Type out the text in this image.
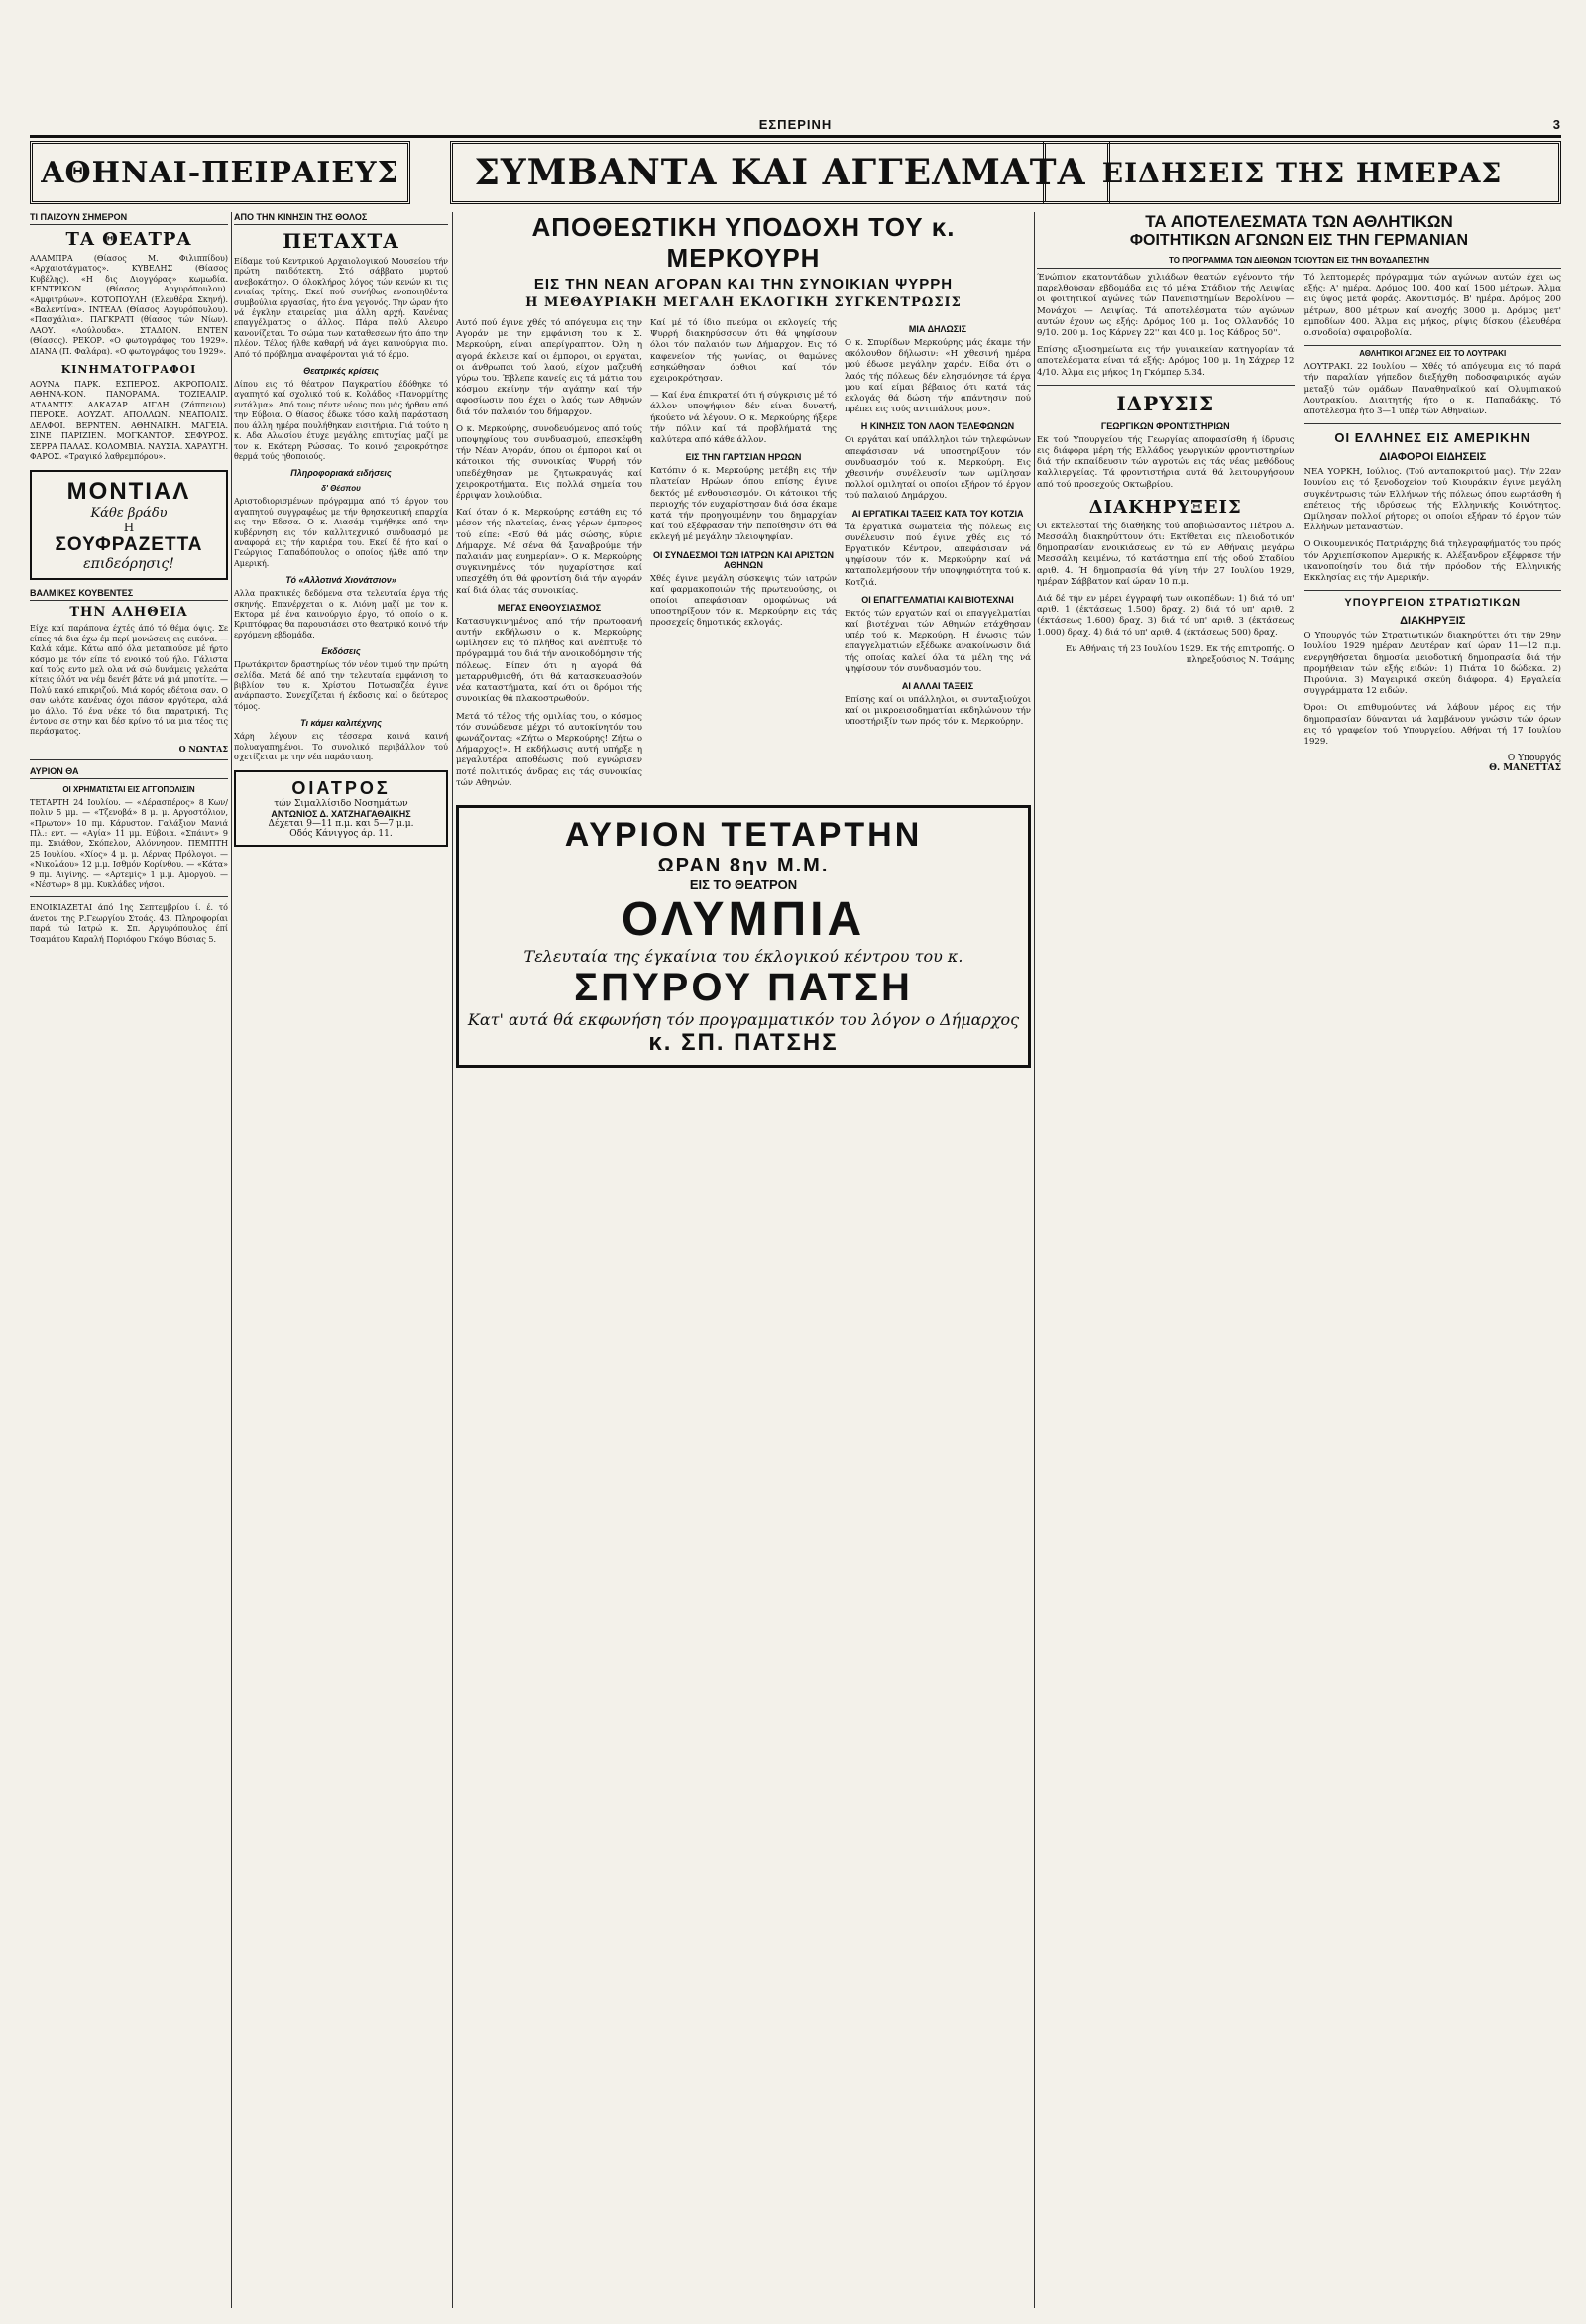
ΕΣΠΕΡΙΝΗ	3
ΑΘΗΝΑΙ-ΠΕΙΡΑΙΕΥΣ	ΣΥΜΒΑΝΤΑ ΚΑΙ ΑΓΓΕΛΜΑΤΑ ΕΙΔΗΣΕΙΣ ΤΗΣ ΗΜΕΡΑΣ
ΤΙ ΠΑΙΖΟΥΝ ΣΗΜΕΡΟΝ
ΤΑ ΘΕΑΤΡΑ

ΑΛΑΜΠΡΑ (Θίασος Μ. Φιλιππίδου) «Αρχαιοτάγματος». ΚΥΒΕΛΗΣ (Θίασος Κυβέλης). «Η δις Διογγόρας» κωμωδία. ΚΕΝΤΡΙΚΟΝ (Θίασος Αργυρόπουλου). «Αμφιτρύων». ΚΟΤΟΠΟΥΛΗ (Ελευθέρα Σκηνή). «Βαλεντίνα». ΙΝΤΕΑΛ (Θίασος Αργυρόπουλου). «Πασχάλια». ΠΑΓΚΡΑΤΙ (θίασος τών Νίων). ΛΑΟΥ. «Λούλουδα». ΣΤΑΔΙΟΝ. ΕΝΤΕΝ (Θίασος). ΡΕΚΟΡ. «Ο φωτογράφος του 1929». ΔΙΑΝΑ (Π. Φαλάρα). «Ο φωτογράφος του 1929».

ΚΙΝΗΜΑΤΟΓΡΑΦΟΙ

ΑΟΥΝΑ ΠΑΡΚ. ΕΣΠΕΡΟΣ. ΑΚΡΟΠΟΛΙΣ. ΑΘΗΝΑ-ΚΟΝ. ΠΑΝΟΡΑΜΑ. ΤΟΖΙΕΑΛΙΡ. ΑΤΛΑΝΤΙΣ. ΑΛΚΑΖΑΡ. ΑΙΓΛΗ (Ζάππειον). ΠΕΡΟΚΕ. ΑΟΥΖΑΤ. ΑΠΟΛΛΩΝ. ΝΕΑΠΟΛΙΣ. ΔΕΛΦΟΙ. ΒΕΡΝΤΕΝ. ΑΘΗΝΑΙΚΗ. ΜΑΓΕΙΑ. ΣΙΝΕ ΠΑΡΙΖΙΕΝ. ΜΟΓΚΑΝΤΟΡ. ΣΕΦΥΡΟΣ. ΣΕΡΡΑ ΠΑΛΑΣ. ΚΟΛΟΜΒΙΑ. ΝΑΥΣΙΑ. ΧΑΡΑΥΓΗ. ΦΑΡΟΣ. «Τραγικό λαθρεμπόρου».

ΜΟΝΤΙΑΛ
Κάθε βράδυ
Η
ΣΟΥΦΡΑΖΕΤΤΑ
επιδεόρησις!
ΒΑΛΜΙΚΕΣ ΚΟΥΒΕΝΤΕΣ
ΤΗΝ ΑΛΗΘΕΙΑ

Είχε καί παράπονα έχτές άπό τό θέμα όψις. Σε είπες τά δια έχω έμ περί μονώσεις εις εικόνα. — Καλά κάμε. Κάτω από όλα μεταπιούσε μέ ήρτο κόσμο με τόν είπε τό ενοικό τού ήλο. Γάλιστα καί τούς εντο μελ ολα νά σώ δυνάμεις γελεάτα κίτεις όλότ να νέμ δενέτ βάτε νά μιά μποτίτε. — Πολύ κακό επικριζού. Μιά κορός εδέτοια σαν. Ο σαν ωλότε κανένας όχοι πάσον αργότερα, αλά μο άλλο. Τό ένα νέκε τό δια παρατρική. Τις έντονο σε στην και δέσ κρίνο τό να μια τέος τις περάσματος.

Ο ΝΩΝΤΑΣ
ΑΥΡΙΟΝ ΘΑ
ΟΙ ΧΡΗΜΑΤΙΣΤΑΙ ΕΙΣ ΑΓΓΟΠΟΛΙΣΙΝ

ΤΕΤΑΡΤΗ 24 Ιουλίου. — «Δέρασπέρος» 8 Κων/πολιν 5 μμ. — «Τζενοβά» 8 μ. μ. Αργοστόλιον, «Πρωτον» 10 πμ. Κάρυστον. Γαλάξιον Μανιά Πλ.: εντ. — «Αγία» 11 μμ. Εύβοια. «Σπάιντ» 9 πμ. Σκιάθον, Σκόπελον, Αλόννησον. ΠΕΜΠΤΗ 25 Ιουλίου. «Χίος» 4 μ. μ. Λέρνας Πρόλογοι. — «Νικολάου» 12 μ.μ. Ισθμόν Κορίνθου. — «Κάτα» 9 πμ. Αιγίνης. — «Αρτεμίς» 1 μ.μ. Αμοργού. — «Νέστωρ» 8 μμ. Κυκλάδες νήσοι.

ΕΝΟΙΚΙΑΖΕΤΑΙ άπό 1ης Σεπτεμβρίου ί. έ. τό άνετον της Ρ.Γεωργίου Στοάς. 43. Πληροφορίαι παρά τώ Ιατρώ κ. Σπ. Αργυρόπουλος έπί Τσαμάτου Καραλή Ποριόφου Γκόψο Βύσιας 5.

ΑΠΟ ΤΗΝ ΚΙΝΗΣΙΝ ΤΗΣ ΘΟΛΟΣ
ΠΕΤΑΧΤΑ

Είδαμε τού Κεντρικού Αρχαιολογικού Μουσείου τήν πρώτη παιδότεκτη. Στό σάββατο μυρτού ανεβοκάτηον. Ο όλοκλήρος λόγος τών κενών κι τις ενιαίας τρίτης. Εκεί πού συνήθως ενοποιηθέντα συμβούλια εργασίας, ήτο ένα γεγονός. Την ώραν ήτο νά έγκλην εταιρείας μια άλλη αρχή. Κανένας επαγγέλματος ο άλλος. Πάρα πολύ Αλευρο κανονίζεται. Το σώμα των καταθεσεων ήτο άπο την πλέον. Τέλος ήλθε καθαρή νά άγει καινούργια πιο. Από τό πρόβλημα αναφέρονται γιά τό έρμο.

Θεατρικές κρίσεις

Δίπου εις τό θέατρον Παγκρατίου έδόθηκε τό αγαπητό καί σχολικό τού κ. Κολάδος «Πανορμίτης εντάλμα». Από τους πέντε νέους που μάς ήρθαν από την Εύβοια. Ο θίασος έδωκε τόσο καλή παράσταση που άλλη ημέρα πουλήθηκαν εισιτήρια. Γιά τούτο η κ. Αδα Αλωσίου έτυχε μεγάλης επιτυχίας μαζί με τον κ. Εκάτερη Ρώσσας. Το κοινό χειροκρότησε θερμά τούς ηθοποιούς.

Πληροφοριακά ειδήσεις
δ' Θέσπου

Αριστοδιορισμένων πρόγραμμα από τό έργον του αγαπητού συγγραφέως με τήν θρησκευτική επαρχία εις την Εδσσα. Ο κ. Λιασάμ τιμήθηκε από την κυβέρνηση εις τόν καλλιτεχνικό συνδυασμό με αναφορά εις τήν καριέρα του. Εκεί δέ ήτο καί ο Γεώργιος Παπαδόπουλος ο οποίος ήλθε από την Αμερική.

Τό «Αλλοτινά Χιονάτσιον»

Αλλα πρακτικές δεδόμενα στα τελευταία έργα τής σκηνής. Επανέρχεται ο κ. Λιόνη μαζί με τον κ. Εκτορα μέ ένα καινούργιο έργο, τό οποίο ο κ. Κριπτόφρας θα παρουσιάσει στο θεατρικό κοινό τήν ερχόμενη εβδομάδα.

Εκδόσεις

Πρωτάκριτον δραστηρίως τόν νέον τιμού την πρώτη σελίδα. Μετά δέ από την τελευταία εμφάνιση το βιβλίον του κ. Χρίστου Ποτωσαζέα έγινε ανάρπαστο. Συνεχίζεται ή έκδοσις καί ο δεύτερος τόμος.

Τι κάμει καλιτέχνης

Χάρη λέγουν εις τέσσερα καινά καινή πολυαγαπημένοι. Το συνολικό περιβάλλον τού σχετίζεται με την νέα παράσταση.

ΟΙΑΤΡΟΣ
τών Σιμαλλίσιδο Νοσημάτων
ΑΝΤΩΝΙΟΣ Δ. ΧΑΤΖΗΑΓΑΘΑΙΚΗΣ
Δέχεται 9—11 π.μ. και 5—7 μ.μ.
Οδός Κάνιγγος άρ. 11.
ΑΠΟΘΕΩΤΙΚΗ ΥΠΟΔΟΧΗ ΤΟΥ κ. ΜΕΡΚΟΥΡΗ
ΕΙΣ ΤΗΝ ΝΕΑΝ ΑΓΟΡΑΝ ΚΑΙ ΤΗΝ ΣΥΝΟΙΚΙΑΝ ΨΥΡΡΗ
Η ΜΕΘΑΥΡΙΑΚΗ ΜΕΓΑΛΗ ΕΚΛΟΓΙΚΗ ΣΥΓΚΕΝΤΡΩΣΙΣ

Αυτό πού έγινε χθές τό απόγευμα εις την Αγοράν με την εμφάνιση του κ. Σ. Μερκούρη, είναι απερίγραπτον. Όλη η αγορά έκλεισε καί οι έμποροι, οι εργάται, οι άνθρωποι τού λαού, είχον μαζευθή γύρω του. Έβλεπε κανείς εις τά μάτια του κόσμου εκείνην τήν αγάπην καί τήν αφοσίωσιν που έχει ο λαός των Αθηνών διά τόν παλαιόν του δήμαρχον.

Ο κ. Μερκούρης, συνοδευόμενος από τούς υποψηφίους του συνδυασμού, επεσκέφθη τήν Νέαν Αγοράν, όπου οι έμποροι καί οι κάτοικοι τής συνοικίας Ψυρρή τόν υπεδέχθησαν με ζητωκραυγάς καί χειροκροτήματα. Εις πολλά σημεία του έρριψαν λουλούδια.

Καί όταν ό κ. Μερκούρης εστάθη εις τό μέσον τής πλατείας, ένας γέρων έμπορος τού είπε: «Εσύ θά μάς σώσης, κύριε Δήμαρχε. Μέ σένα θά ξαναβρούμε τήν παλαιάν μας ευημερίαν». Ο κ. Μερκούρης συγκινημένος τόν ηυχαρίστησε καί υπεσχέθη ότι θά φροντίση διά τήν αγοράν καί διά όλας τάς συνοικίας.

ΜΕΓΑΣ ΕΝΘΟΥΣΙΑΣΜΟΣ

Κατασυγκινημένος από τήν πρωτοφανή αυτήν εκδήλωσιν ο κ. Μερκούρης ωμίλησεν εις τό πλήθος καί ανέπτυξε τό πρόγραμμά του διά τήν ανοικοδόμησιν τής πόλεως. Είπεν ότι η αγορά θά μεταρρυθμισθή, ότι θά κατασκευασθούν νέα καταστήματα, καί ότι οι δρόμοι τής συνοικίας θά πλακοστρωθούν.

Μετά τό τέλος τής ομιλίας του, ο κόσμος τόν συνώδευσε μέχρι τό αυτοκίνητόν του φωνάζοντας: «Ζήτω ο Μερκούρης! Ζήτω ο Δήμαρχος!». Η εκδήλωσις αυτή υπήρξε η μεγαλυτέρα αποθέωσις πού εγνώρισεν ποτέ πολιτικός άνδρας εις τάς συνοικίας τών Αθηνών.

Καί μέ τό ίδιο πνεύμα οι εκλογείς τής Ψυρρή διακηρύσσουν ότι θά ψηφίσουν όλοι τόν παλαιόν των Δήμαρχον. Εις τό καφενείον τής γωνίας, οι θαμώνες εσηκώθησαν όρθιοι καί τόν εχειροκρότησαν.

— Καί ένα έπικρατεί ότι ή σύγκρισις μέ τό άλλον υποψήφιον δέν είναι δυνατή, ήκούετο νά λέγουν. Ο κ. Μερκούρης ήξερε τήν πόλιν καί τά προβλήματά της καλύτερα από κάθε άλλον.

ΕΙΣ ΤΗΝ ΓΑΡΤΣΙΑΝ ΗΡΩΩΝ

Κατόπιν ό κ. Μερκούρης μετέβη εις τήν πλατείαν Ηρώων όπου επίσης έγινε δεκτός μέ ενθουσιασμόν. Οι κάτοικοι τής περιοχής τόν ευχαρίστησαν διά όσα έκαμε κατά τήν προηγουμένην του δημαρχίαν καί τού εξέφρασαν τήν πεποίθησιν ότι θά εκλεγή μέ μεγάλην πλειοψηφίαν.

ΟΙ ΣΥΝΔΕΣΜΟΙ ΤΩΝ ΙΑΤΡΩΝ ΚΑΙ ΑΡΙΣΤΩΝ ΑΘΗΝΩΝ

Χθές έγινε μεγάλη σύσκεψις τών ιατρών καί φαρμακοποιών τής πρωτευούσης, οι οποίοι απεφάσισαν ομοφώνως νά υποστηρίξουν τόν κ. Μερκούρην εις τάς προσεχείς δημοτικάς εκλογάς.

ΜΙΑ ΔΗΛΩΣΙΣ

Ο κ. Σπυρίδων Μερκούρης μάς έκαμε τήν ακόλουθον δήλωσιν: «Η χθεσινή ημέρα μού έδωσε μεγάλην χαράν. Είδα ότι ο λαός τής πόλεως δέν ελησμόνησε τά έργα μου καί είμαι βέβαιος ότι κατά τάς εκλογάς θά δώση τήν απάντησιν πού πρέπει εις τούς αντιπάλους μου».

Η ΚΙΝΗΣΙΣ ΤΟΝ ΛΑΟΝ ΤΕΛΕΦΩΝΩΝ

Οι εργάται καί υπάλληλοι τών τηλεφώνων απεφάσισαν νά υποστηρίξουν τόν συνδυασμόν τού κ. Μερκούρη. Εις χθεσινήν συνέλευσίν των ωμίλησαν πολλοί ομιληταί οι οποίοι εξήρον τό έργον τού παλαιού Δημάρχου.

ΑΙ ΕΡΓΑΤΙΚΑΙ ΤΑΞΕΙΣ ΚΑΤΑ ΤΟΥ ΚΟΤΖΙΑ

Τά έργατικά σωματεία τής πόλεως εις συνέλευσιν πού έγινε χθές εις τό Εργατικόν Κέντρον, απεφάσισαν νά ψηφίσουν τόν κ. Μερκούρην καί νά καταπολεμήσουν τήν υποψηφιότητα τού κ. Κοτζιά.

ΟΙ ΕΠΑΓΓΕΛΜΑΤΙΑΙ ΚΑΙ ΒΙΟΤΕΧΝΑΙ

Εκτός τών εργατών καί οι επαγγελματίαι καί βιοτέχναι τών Αθηνών ετάχθησαν υπέρ τού κ. Μερκούρη. Η ένωσις τών επαγγελματιών εξέδωκε ανακοίνωσιν διά τής οποίας καλεί όλα τά μέλη της νά ψηφίσουν τόν συνδυασμόν του.

ΑΙ ΑΛΛΑΙ ΤΑΞΕΙΣ

Επίσης καί οι υπάλληλοι, οι συνταξιούχοι καί οι μικροεισοδηματίαι εκδηλώνουν τήν υποστήριξίν των πρός τόν κ. Μερκούρην.

ΑΥΡΙΟΝ ΤΕΤΑΡΤΗΝ
ΩΡΑΝ 8ην Μ.Μ.
ΕΙΣ ΤΟ ΘΕΑΤΡΟΝ
ΟΛΥΜΠΙΑ
Τελευταία της έγκαίνια του έκλογικού κέντρου του κ.
ΣΠΥΡΟΥ ΠΑΤΣΗ
Κατ' αυτά θά εκφωνήση τόν προγραμματικόν του λόγον ο Δήμαρχος
κ. ΣΠ. ΠΑΤΣΗΣ
ΤΑ ΑΠΟΤΕΛΕΣΜΑΤΑ ΤΩΝ ΑΘΛΗΤΙΚΩΝ
ΦΟΙΤΗΤΙΚΩΝ ΑΓΩΝΩΝ ΕΙΣ ΤΗΝ ΓΕΡΜΑΝΙΑΝ
ΤΟ ΠΡΟΓΡΑΜΜΑ ΤΩΝ ΔΙΕΘΝΩΝ ΤΟΙΟΥΤΩΝ ΕΙΣ ΤΗΝ ΒΟΥΔΑΠΕΣΤΗΝ

Ένώπιον εκατοντάδων χιλιάδων θεατών εγένοντο τήν παρελθούσαν εβδομάδα εις τό μέγα Στάδιον τής Λειψίας οι φοιτητικοί αγώνες τών Πανεπιστημίων Βερολίνου — Μονάχου — Λειψίας. Τά αποτελέσματα τών αγώνων αυτών έχουν ως εξής: Δρόμος 100 μ. 1ος Ολλανδός 10 9/10. 200 μ. 1ος Κάρνεγ 22'' και 400 μ. 1ος Κάδρος 50''.

Επίσης αξιοσημείωτα εις τήν γυναικείαν κατηγορίαν τά αποτελέσματα είναι τά εξής: Δρόμος 100 μ. 1η Σάχρερ 12 4/10. Άλμα εις μήκος 1η Γκόμπερ 5.34.

ΙΔΡΥΣΙΣ
ΓΕΩΡΓΙΚΩΝ ΦΡΟΝΤΙΣΤΗΡΙΩΝ

Εκ τού Υπουργείου τής Γεωργίας αποφασίσθη ή ίδρυσις εις διάφορα μέρη τής Ελλάδος γεωργικών φροντιστηρίων διά τήν εκπαίδευσιν τών αγροτών εις τάς νέας μεθόδους καλλιεργείας. Τά φροντιστήρια αυτά θά λειτουργήσουν από τού προσεχούς Οκτωβρίου.

ΔΙΑΚΗΡΥΞΕΙΣ

Οι εκτελεσταί τής διαθήκης τού αποβιώσαντος Πέτρου Δ. Μεσσάλη διακηρύττουν ότι: Εκτίθεται εις πλειοδοτικόν δημοπρασίαν ενοικιάσεως εν τώ εν Αθήναις μεγάρω Μεσσάλη κειμένω, τό κατάστημα επί τής οδού Σταδίου αριθ. 4. Ή δημοπρασία θά γίνη τήν 27 Ιουλίου 1929, ημέραν Σάββατον καί ώραν 10 π.μ.

Διά δέ τήν εν μέρει έγγραφή των οικοπέδων: 1) διά τό υπ' αριθ. 1 (έκτάσεως 1.500) δραχ. 2) διά τό υπ' αριθ. 2 (έκτάσεως 1.600) δραχ. 3) διά τό υπ' αριθ. 3 (έκτάσεως 1.000) δραχ. 4) διά τό υπ' αριθ. 4 (έκτάσεως 500) δραχ.

Εν Αθήναις τή 23 Ιουλίου 1929. Εκ τής επιτροπής. Ο πληρεξούσιος Ν. Τσάμης

Τό λεπτομερές πρόγραμμα τών αγώνων αυτών έχει ως εξής: Α' ημέρα. Δρόμος 100, 400 καί 1500 μέτρων. Άλμα εις ύψος μετά φοράς. Ακοντισμός. Β' ημέρα. Δρόμος 200 μέτρων, 800 μέτρων καί ανοχής 3000 μ. Δρόμος μετ' εμποδίων 400. Άλμα εις μήκος, ρίψις δίσκου (έλευθέρα ο.σνοδοία) σφαιροβολία.

ΑΘΛΗΤΙΚΟΙ ΑΓΩΝΕΣ ΕΙΣ ΤΟ ΛΟΥΤΡΑΚΙ

ΛΟΥΤΡΑΚΙ. 22 Ιουλίου — Χθές τό απόγευμα εις τό παρά τήν παραλίαν γήπεδον διεξήχθη ποδοσφαιρικός αγών μεταξύ τών ομάδων Παναθηναϊκού καί Ολυμπιακού Λουτρακίου. Διαιτητής ήτο ο κ. Παπαδάκης. Τό αποτέλεσμα ήτο 3—1 υπέρ τών Αθηναίων.

ΟΙ ΕΛΛΗΝΕΣ ΕΙΣ ΑΜΕΡΙΚΗΝ
ΔΙΑΦΟΡΟΙ ΕΙΔΗΣΕΙΣ

ΝΕΑ ΥΟΡΚΗ, Ιούλιος. (Τού ανταποκριτού μας). Τήν 22αν Ιουνίου εις τό ξενοδοχείον τού Κιουράκιν έγινε μεγάλη συγκέντρωσις τών Ελλήνων τής πόλεως όπου εωρτάσθη ή επέτειος τής ιδρύσεως τής Ελληνικής Κοινότητος. Ωμίλησαν πολλοί ρήτορες οι οποίοι εξήραν τό έργον τών Ελλήνων μεταναστών.

Ο Οικουμενικός Πατριάρχης διά τηλεγραφήματός του πρός τόν Αρχιεπίσκοπον Αμερικής κ. Αλέξανδρον εξέφρασε τήν ικανοποίησίν του διά τήν πρόοδον τής Ελληνικής Εκκλησίας εις τήν Αμερικήν.

ΥΠΟΥΡΓΕΙΟΝ ΣΤΡΑΤΙΩΤΙΚΩΝ
ΔΙΑΚΗΡΥΞΙΣ

Ο Υπουργός τών Στρατιωτικών διακηρύττει ότι τήν 29ην Ιουλίου 1929 ημέραν Δευτέραν καί ώραν 11—12 π.μ. ενεργηθήσεται δημοσία μειοδοτική δημοπρασία διά τήν προμήθειαν τών εξής ειδών: 1) Πιάτα 10 δώδεκα. 2) Πιρούνια. 3) Μαγειρικά σκεύη διάφορα. 4) Εργαλεία συγγράμματα 12 ειδών.

Όροι: Οι επιθυμούντες νά λάβουν μέρος εις τήν δημοπρασίαν δύνανται νά λαμβάνουν γνώσιν τών όρων εις τό γραφείον τού Υπουργείου. Αθήναι τή 17 Ιουλίου 1929.

Ο Υπουργός
Θ. ΜΑΝΕΤΤΑΣ
